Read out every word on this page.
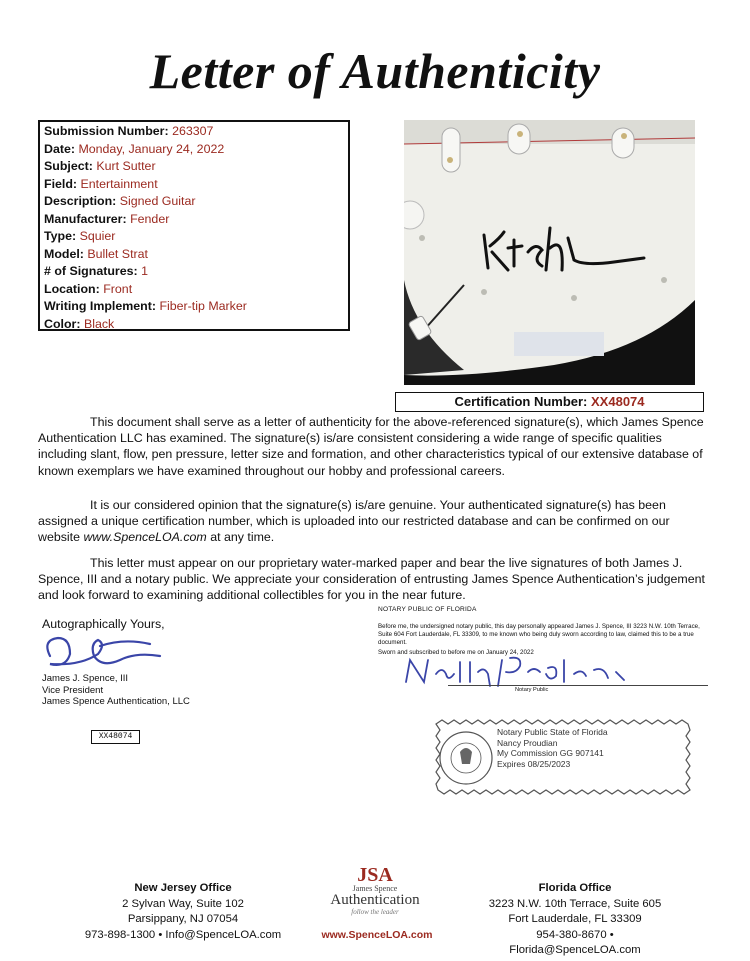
Letter of Authenticity
Submission Number: 263307
Date: Monday, January 24, 2022
Subject: Kurt Sutter
Field: Entertainment
Description: Signed Guitar
Manufacturer: Fender
Type: Squier
Model: Bullet Strat
# of Signatures: 1
Location: Front
Writing Implement: Fiber-tip Marker
Color: Black
Certification Number: XX48074

This document shall serve as a letter of authenticity for the above-referenced signature(s), which James Spence Authentication LLC has examined. The signature(s) is/are consistent considering a wide range of specific qualities including slant, flow, pen pressure, letter size and formation, and other characteristics typical of our extensive database of known exemplars we have examined throughout our hobby and professional careers.

It is our considered opinion that the signature(s) is/are genuine. Your authenticated signature(s) has been assigned a unique certification number, which is uploaded into our restricted database and can be confirmed on our website www.SpenceLOA.com at any time.

This letter must appear on our proprietary water-marked paper and bear the live signatures of both James J. Spence, III and a notary public. We appreciate your consideration of entrusting James Spence Authentication’s judgement and look forward to examining additional collectibles for you in the near future.

Autographically Yours,

James J. Spence, III
Vice President
James Spence Authentication, LLC
XX48074
NOTARY PUBLIC OF FLORIDA

Before me, the undersigned notary public, this day personally appeared James J. Spence, III 3223 N.W. 10th Terrace, Suite 604 Fort Lauderdale, FL 33309, to me known who being duly sworn according to law, claimed this to be a true document.

Sworn and subscribed to before me on January 24, 2022
Notary Public
Notary Public State of Florida
Nancy Proudian
My Commission GG 907141
Expires 08/25/2023
New Jersey Office
2 Sylvan Way, Suite 102
Parsippany, NJ 07054
973-898-1300 • Info@SpenceLOA.com
JSA
James Spence
Authentication
follow the leader
www.SpenceLOA.com
Florida Office
3223 N.W. 10th Terrace, Suite 605
Fort Lauderdale, FL 33309
954-380-8670 • Florida@SpenceLOA.com
